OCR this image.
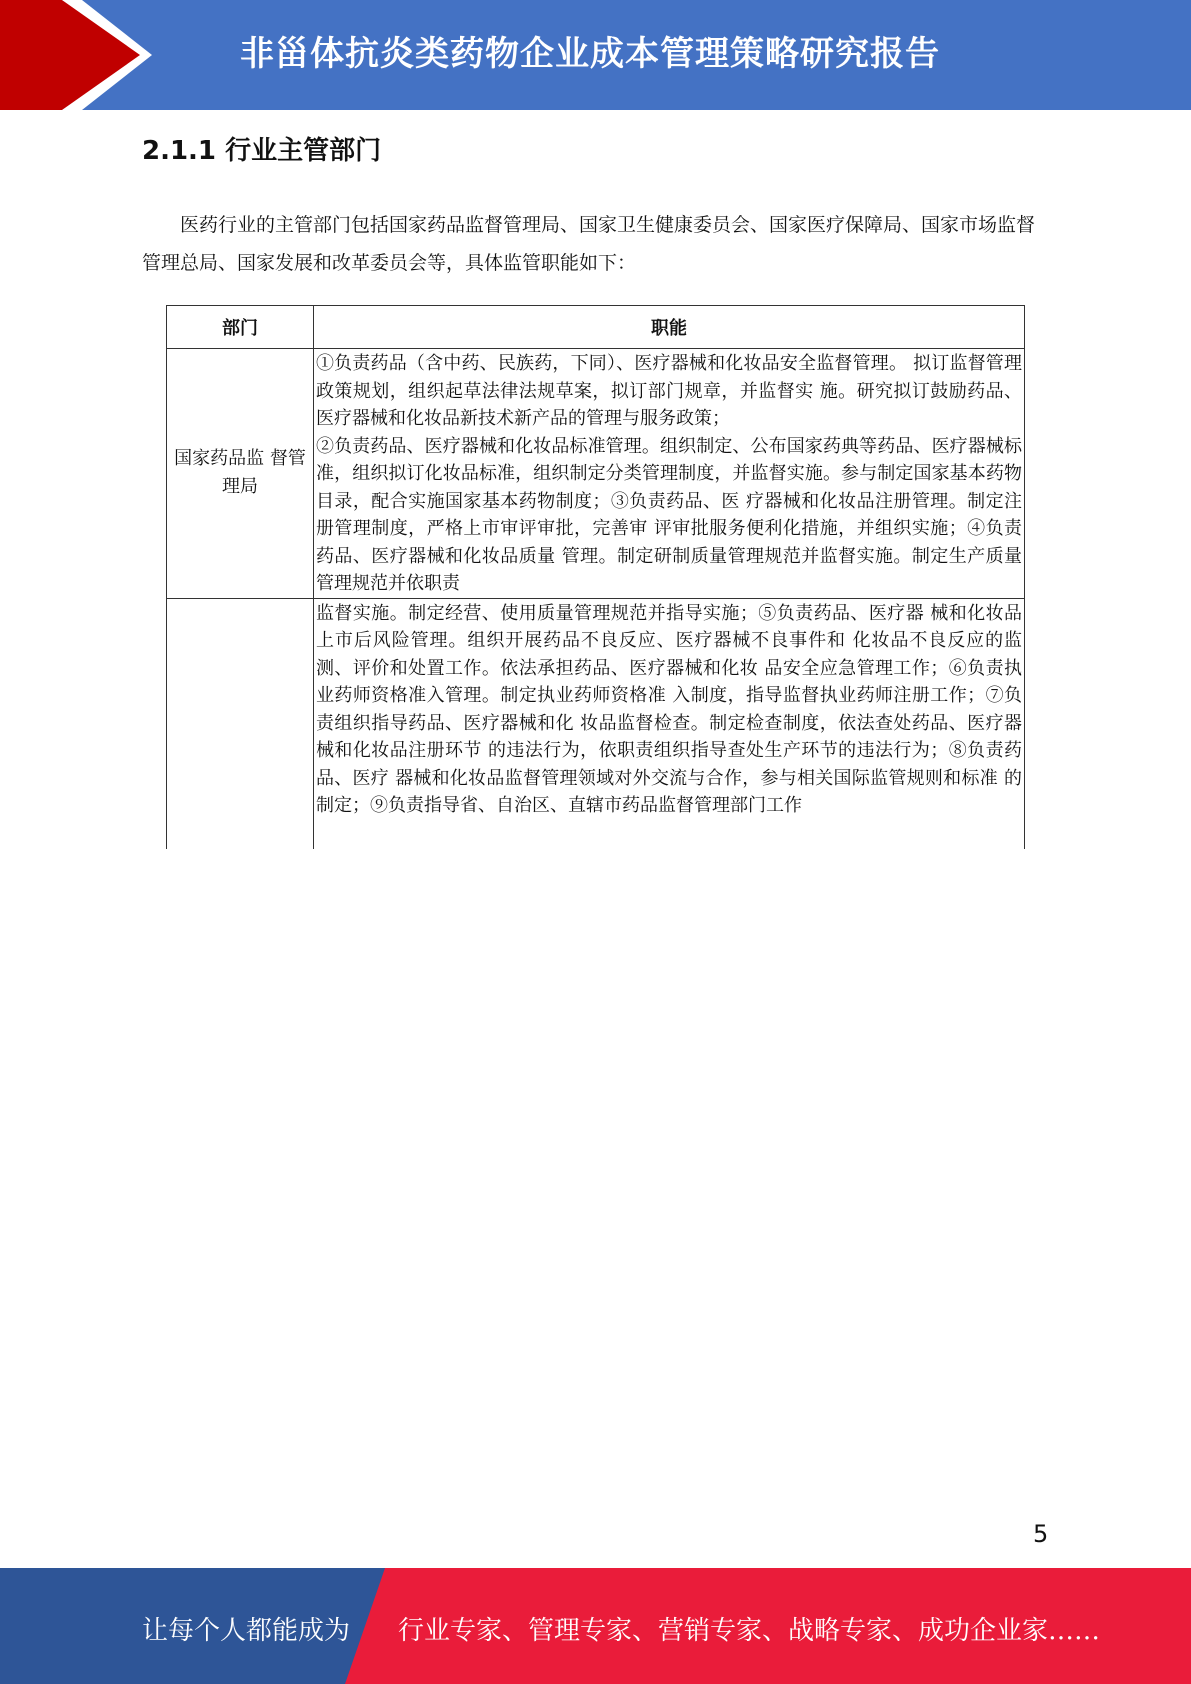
非甾体抗炎类药物企业成本管理策略研究报告
2.1.1 行业主管部门
医药行业的主管部门包括国家药品监督管理局、国家卫生健康委员会、国家医疗保障局、国家市场监督管理总局、国家发展和改革委员会等，具体监管职能如下：
部门	职能
国家药品监 督管理局	①负责药品（含中药、民族药，下同）、医疗器械和化妆品安全监督管理。 拟订监督管理政策规划，组织起草法律法规草案，拟订部门规章，并监督实 施。研究拟订鼓励药品、医疗器械和化妆品新技术新产品的管理与服务政策；
②负责药品、医疗器械和化妆品标准管理。组织制定、公布国家药典等药品、医疗器械标准，组织拟订化妆品标准，组织制定分类管理制度，并监督实施。参与制定国家基本药物目录，配合实施国家基本药物制度；③负责药品、医 疗器械和化妆品注册管理。制定注册管理制度，严格上市审评审批，完善审 评审批服务便利化措施，并组织实施；④负责药品、医疗器械和化妆品质量 管理。制定研制质量管理规范并监督实施。制定生产质量管理规范并依职责

	监督实施。制定经营、使用质量管理规范并指导实施；⑤负责药品、医疗器 械和化妆品上市后风险管理。组织开展药品不良反应、医疗器械不良事件和 化妆品不良反应的监测、评价和处置工作。依法承担药品、医疗器械和化妆 品安全应急管理工作；⑥负责执业药师资格准入管理。制定执业药师资格准 入制度，指导监督执业药师注册工作；⑦负责组织指导药品、医疗器械和化 妆品监督检查。制定检查制度，依法查处药品、医疗器械和化妆品注册环节 的违法行为，依职责组织指导查处生产环节的违法行为；⑧负责药品、医疗 器械和化妆品监督管理领域对外交流与合作，参与相关国际监管规则和标准 的制定；⑨负责指导省、自治区、直辖市药品监督管理部门工作
5
让每个人都能成为 行业专家、管理专家、营销专家、战略专家、成功企业家……
